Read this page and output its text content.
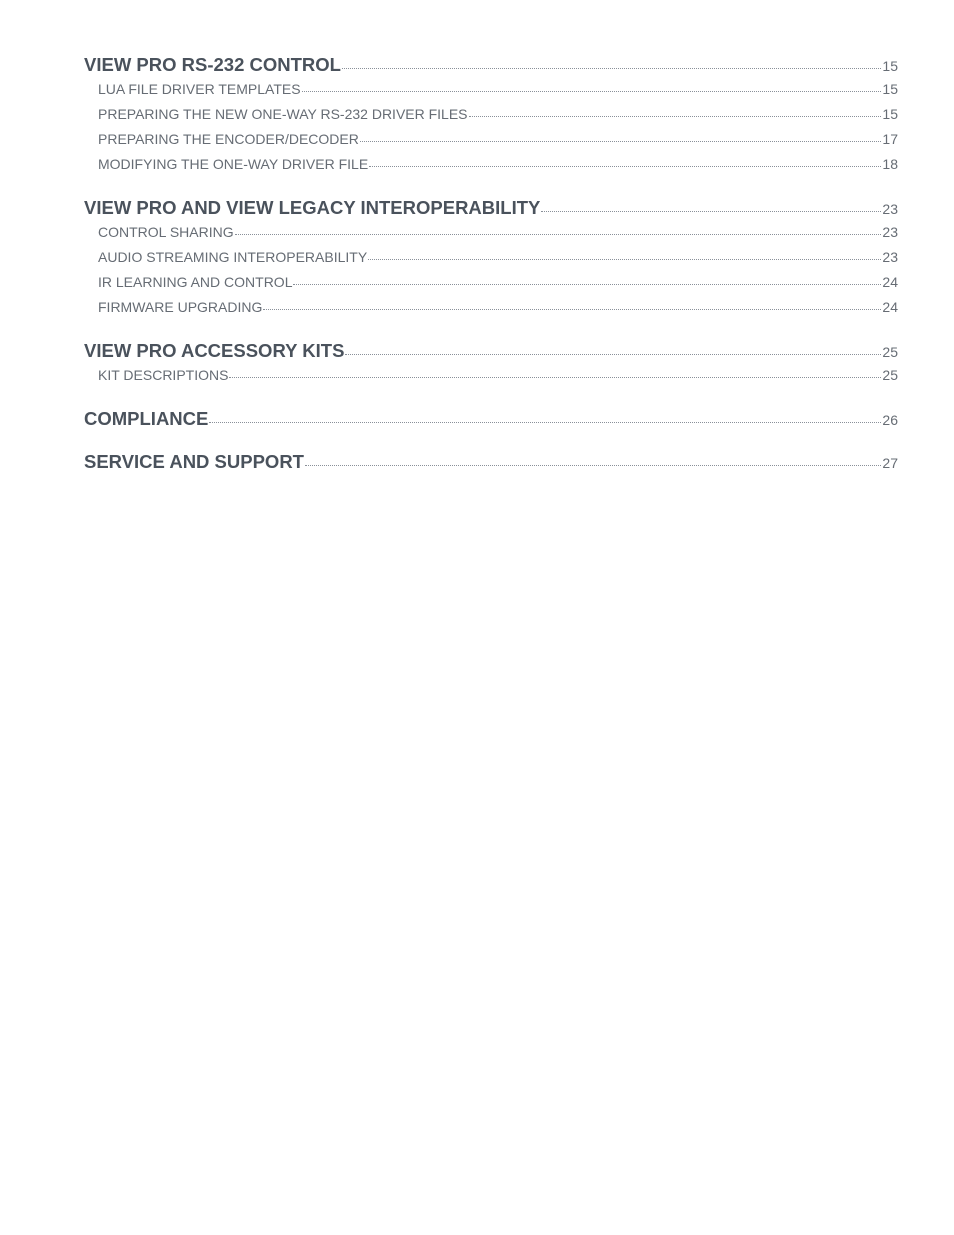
VIEW PRO RS-232 CONTROL	15
LUA FILE DRIVER TEMPLATES	15
PREPARING THE NEW ONE-WAY RS-232 DRIVER FILES	15
PREPARING THE ENCODER/DECODER	17
MODIFYING THE ONE-WAY DRIVER FILE	18
VIEW PRO AND VIEW LEGACY INTEROPERABILITY	23
CONTROL SHARING	23
AUDIO STREAMING INTEROPERABILITY	23
IR LEARNING AND CONTROL	24
FIRMWARE UPGRADING	24
VIEW PRO ACCESSORY KITS	25
KIT DESCRIPTIONS	25
COMPLIANCE	26
SERVICE AND SUPPORT	27
